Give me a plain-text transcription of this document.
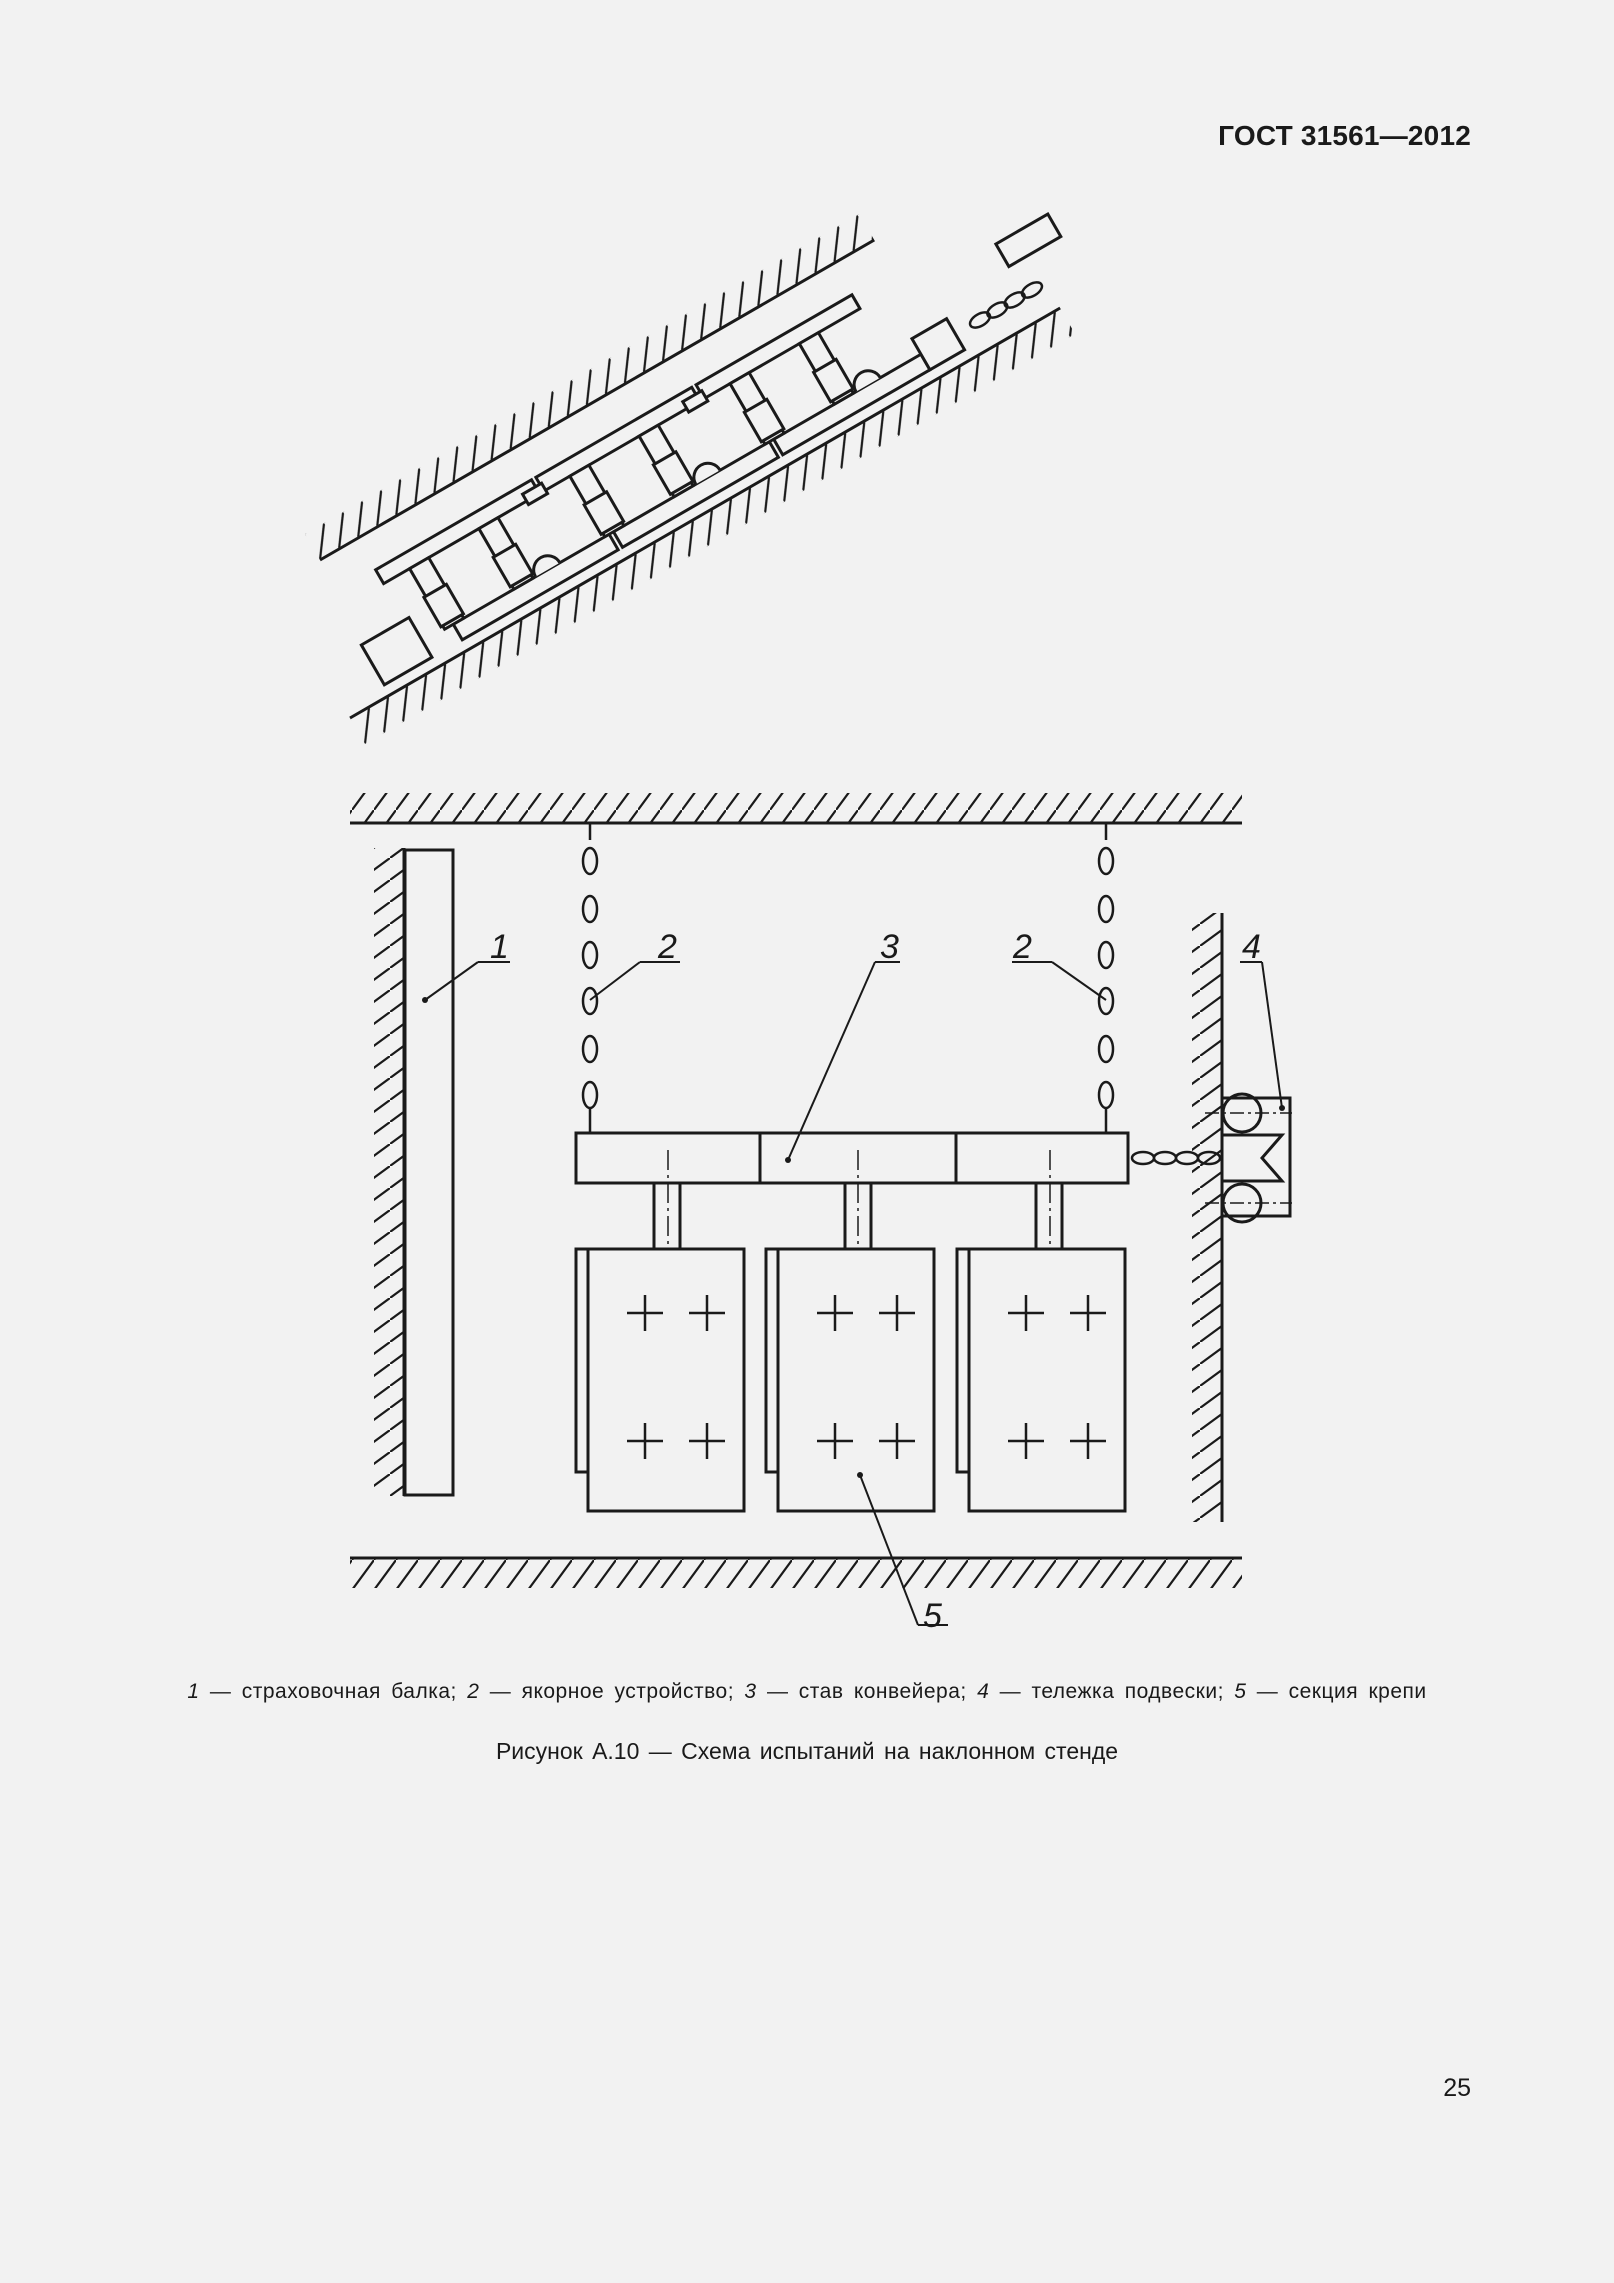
ГОСТ 31561—2012
1	2	3	2	4
5
1 — страховочная балка; 2 — якорное устройство; 3 — став конвейера; 4 — тележка подвески; 5 — секция крепи
Рисунок А.10 — Схема испытаний на наклонном стенде
25
